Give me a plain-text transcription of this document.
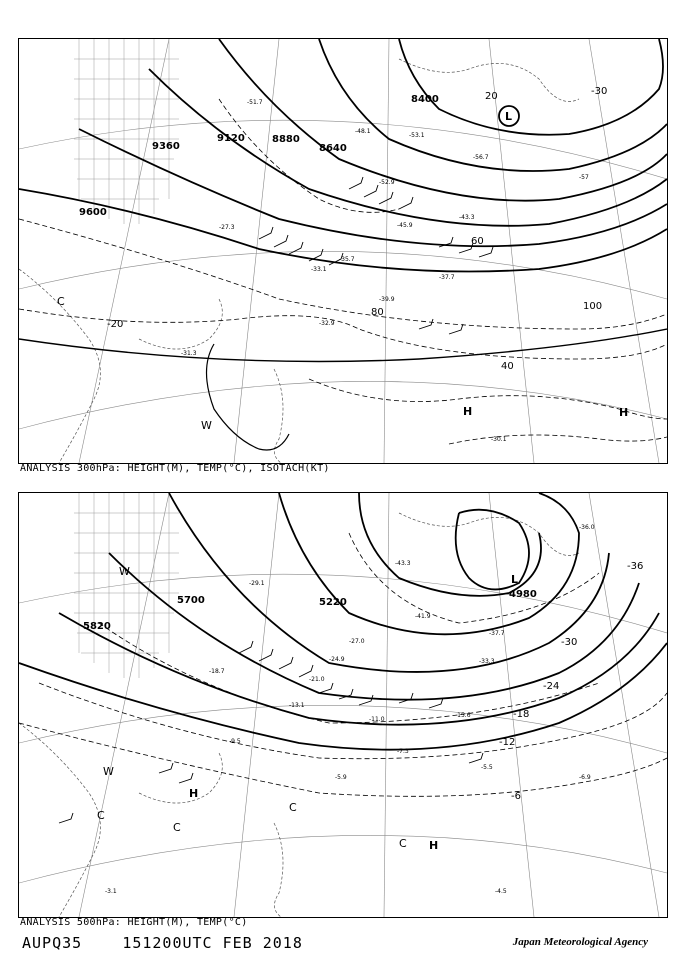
9600
9360
9120	8880
8640
8400	20
40
60
80
100
-20
-30
-33.1
-35.7
-39.9
-43.3
-45.9
-48.1
-52.9
-53.1
-56.7
-31.3
-30.1
-32.9
-27.3
-37.7
-57
-51.7
L
H	H
C
W
ANALYSIS 300hPa: HEIGHT(M), TEMP(°C), ISOTACH(KT)
5820
5700	5220
4980
-6
-12
-18
-24
-30
-36
-15.6
-21.0
-27.0
-33.3
-36.0
-41.9
-43.3
-7.3
-5.9
-5.5
-6.9
-4.5
-13.1
-3.1
-9.5
-11.0
-18.7
-24.9
-29.1
-37.7
L
H
H
C
C
C
C
W
W
ANALYSIS 500hPa: HEIGHT(M), TEMP(°C)
AUPQ35	151200UTC FEB 2018	Japan Meteorological Agency
